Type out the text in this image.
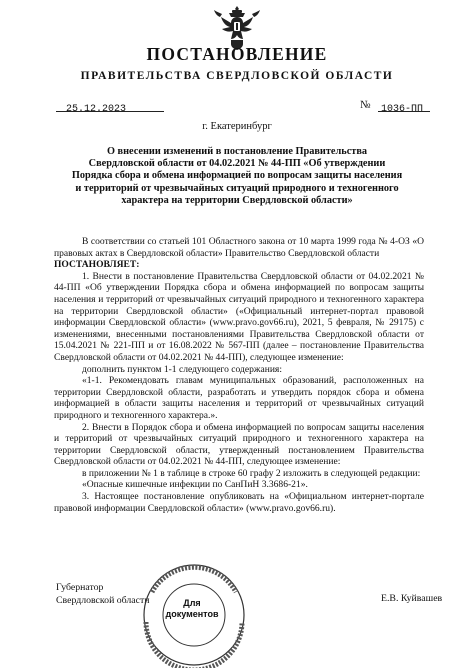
ПОСТАНОВЛЕНИЕ
ПРАВИТЕЛЬСТВА СВЕРДЛОВСКОЙ ОБЛАСТИ
25.12.2023	№	1036-ПП
г. Екатеринбург
О внесении изменений в постановление Правительства
Свердловской области от 04.02.2021 № 44-ПП «Об утверждении
Порядка сбора и обмена информацией по вопросам защиты населения
и территорий от чрезвычайных ситуаций природного и техногенного
характера на территории Свердловской области»

В соответствии со статьей 101 Областного закона от 10 марта 1999 года № 4-ОЗ «О правовых актах в Свердловской области» Правительство Свердловской области

ПОСТАНОВЛЯЕТ:

1. Внести в постановление Правительства Свердловской области от 04.02.2021 № 44-ПП «Об утверждении Порядка сбора и обмена информацией по вопросам защиты населения и территорий от чрезвычайных ситуаций природного и техногенного характера на территории Свердловской области» («Официальный интернет-портал правовой информации Свердловской области» (www.pravo.gov66.ru), 2021, 5 февраля, № 29175) с изменениями, внесенными постановлениями Правительства Свердловской области от 15.04.2021 № 221-ПП и от 16.08.2022 № 567-ПП (далее – постановление Правительства Свердловской области от 04.02.2021 № 44-ПП), следующее изменение:

дополнить пунктом 1-1 следующего содержания:

«1-1. Рекомендовать главам муниципальных образований, расположенных на территории Свердловской области, разработать и утвердить порядок сбора и обмена информацией в области защиты населения и территорий от чрезвычайных ситуаций природного и техногенного характера.».

2. Внести в Порядок сбора и обмена информацией по вопросам защиты населения и территорий от чрезвычайных ситуаций природного и техногенного характера на территории Свердловской области, утвержденный постановлением Правительства Свердловской области от 04.02.2021 № 44-ПП, следующее изменение:

в приложении № 1 в таблице в строке 60 графу 2 изложить в следующей редакции:

«Опасные кишечные инфекции по СанПиН 3.3686-21».

3. Настоящее постановление опубликовать на «Официальном интернет-портале правовой информации Свердловской области» (www.pravo.gov66.ru).

Губернатор
Свердловской области	Е.В. Куйвашев
Для
документов
